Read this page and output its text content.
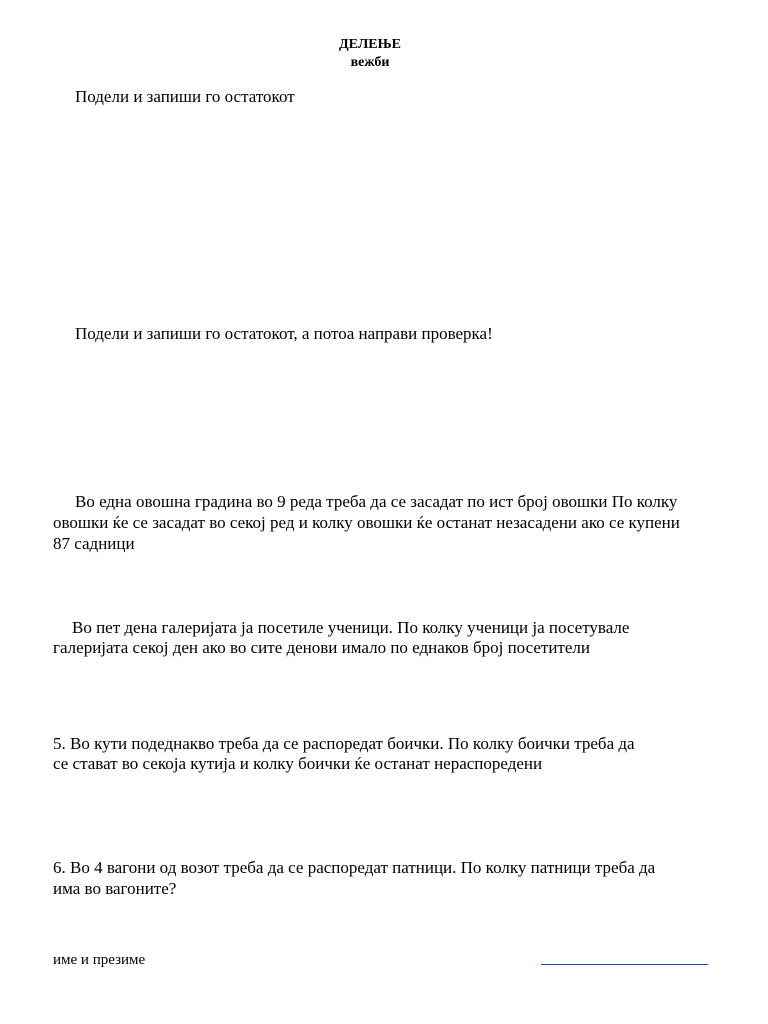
ДЕЛЕЊЕ
вежби

Подели и запиши го остатокот

Подели и запиши го остатокот, а потоа направи проверка!

Во една овошна градина во 9 реда треба да се засадат по ист број овошки По колку

овошки ќе се засадат во секој ред и колку овошки ќе останат незасадени ако се купени

87 садници

Во пет дена галеријата ја посетиле ученици. По колку ученици ја посетувале

галеријата секој ден ако во сите денови имало по еднаков број посетители

5. Во кути подеднакво треба да се распоредат боички. По колку боички треба да

се стават во секоја кутија и колку боички ќе останат нераспоредени

6. Во 4 вагони од возот треба да се распоредат патници. По колку патници треба да

има во вагоните?

име и презиме
